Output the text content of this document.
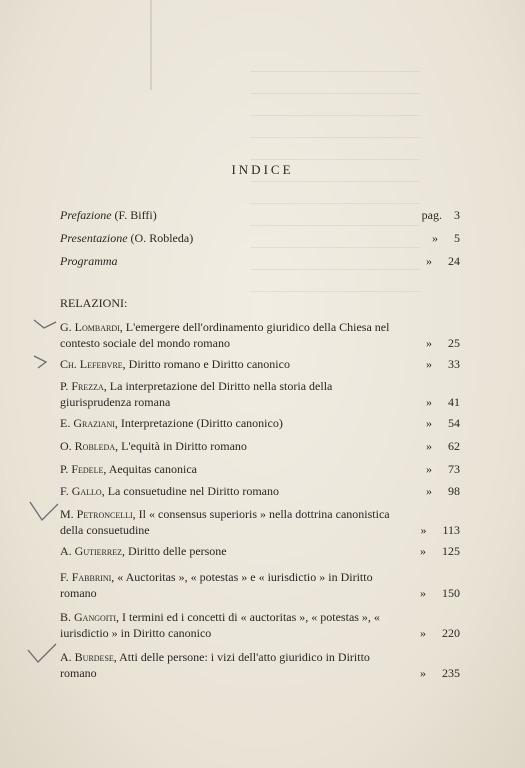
INDICE
Prefazione (F. Biffi)	pag. 3
Presentazione (O. Robleda)	» 5
Programma	» 24
RELAZIONI:
G. Lombardi, L'emergere dell'ordinamento giuridico della Chiesa nel contesto sociale del mondo romano	» 25
Ch. Lefebvre, Diritto romano e Diritto canonico	» 33
P. Frezza, La interpretazione del Diritto nella storia della giurisprudenza romana	» 41
E. Graziani, Interpretazione (Diritto canonico)	» 54
O. Robleda, L'equità in Diritto romano	» 62
P. Fedele, Aequitas canonica	» 73
F. Gallo, La consuetudine nel Diritto romano	» 98
M. Petroncelli, Il « consensus superioris » nella dottrina canonistica della consuetudine	» 113
A. Gutierrez, Diritto delle persone	» 125
F. Fabbrini, « Auctoritas », « potestas » e « iurisdictio » in Diritto romano	» 150
B. Gangoiti, I termini ed i concetti di « auctoritas », « potestas », « iurisdictio » in Diritto canonico	» 220
A. Burdese, Atti delle persone: i vizi dell'atto giuridico in Diritto romano	» 235
